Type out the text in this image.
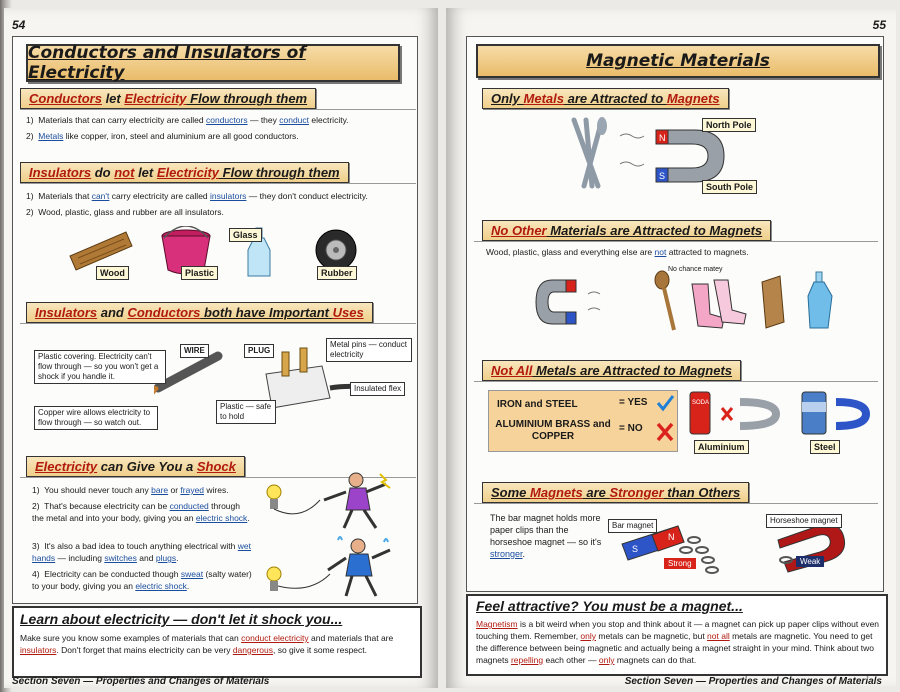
54
Conductors and Insulators of Electricity
Conductors let Electricity Flow through them
1) Materials that can carry electricity are called conductors — they conduct electricity.
2) Metals like copper, iron, steel and aluminium are all good conductors.
Insulators do not let Electricity Flow through them
1) Materials that can't carry electricity are called insulators — they don't conduct electricity.
2) Wood, plastic, glass and rubber are all insulators.
Wood	Plastic
Glass
Rubber
Insulators and Conductors both have Important Uses
WIRE	PLUG
Plastic covering. Electricity can't flow through — so you won't get a shock if you handle it.
Copper wire allows electricity to flow through — so watch out.
Metal pins — conduct electricity
Insulated flex
Plastic — safe to hold
Electricity can Give You a Shock
1) You should never touch any bare or frayed wires.
2) That's because electricity can be conducted through the metal and into your body, giving you an electric shock.
3) It's also a bad idea to touch anything electrical with wet hands — including switches and plugs.
4) Electricity can be conducted though sweat (salty water) to your body, giving you an electric shock.
Learn about electricity — don't let it shock you...
Make sure you know some examples of materials that can conduct electricity and materials that are insulators. Don't forget that mains electricity can be very dangerous, so give it some respect.
Section Seven — Properties and Changes of Materials
55
Magnetic Materials
Only Metals are Attracted to Magnets
N
S
North Pole
South Pole
No Other Materials are Attracted to Magnets
Wood, plastic, glass and everything else are not attracted to magnets.
No chance matey
Not All Metals are Attracted to Magnets
IRON and STEEL	= YES
ALUMINIUM BRASS and COPPER
= NO
SODA
Aluminium	Steel
Some Magnets are Stronger than Others
The bar magnet holds more paper clips than the horseshoe magnet — so it's stronger.	S
N
Bar magnet
Horseshoe magnet
Strong	Weak
Feel attractive? You must be a magnet...
Magnetism is a bit weird when you stop and think about it — a magnet can pick up paper clips without even touching them. Remember, only metals can be magnetic, but not all metals are magnetic. You need to get the difference between being magnetic and actually being a magnet straight in your mind. Think about two magnets repelling each other — only magnets can do that.
Section Seven — Properties and Changes of Materials
